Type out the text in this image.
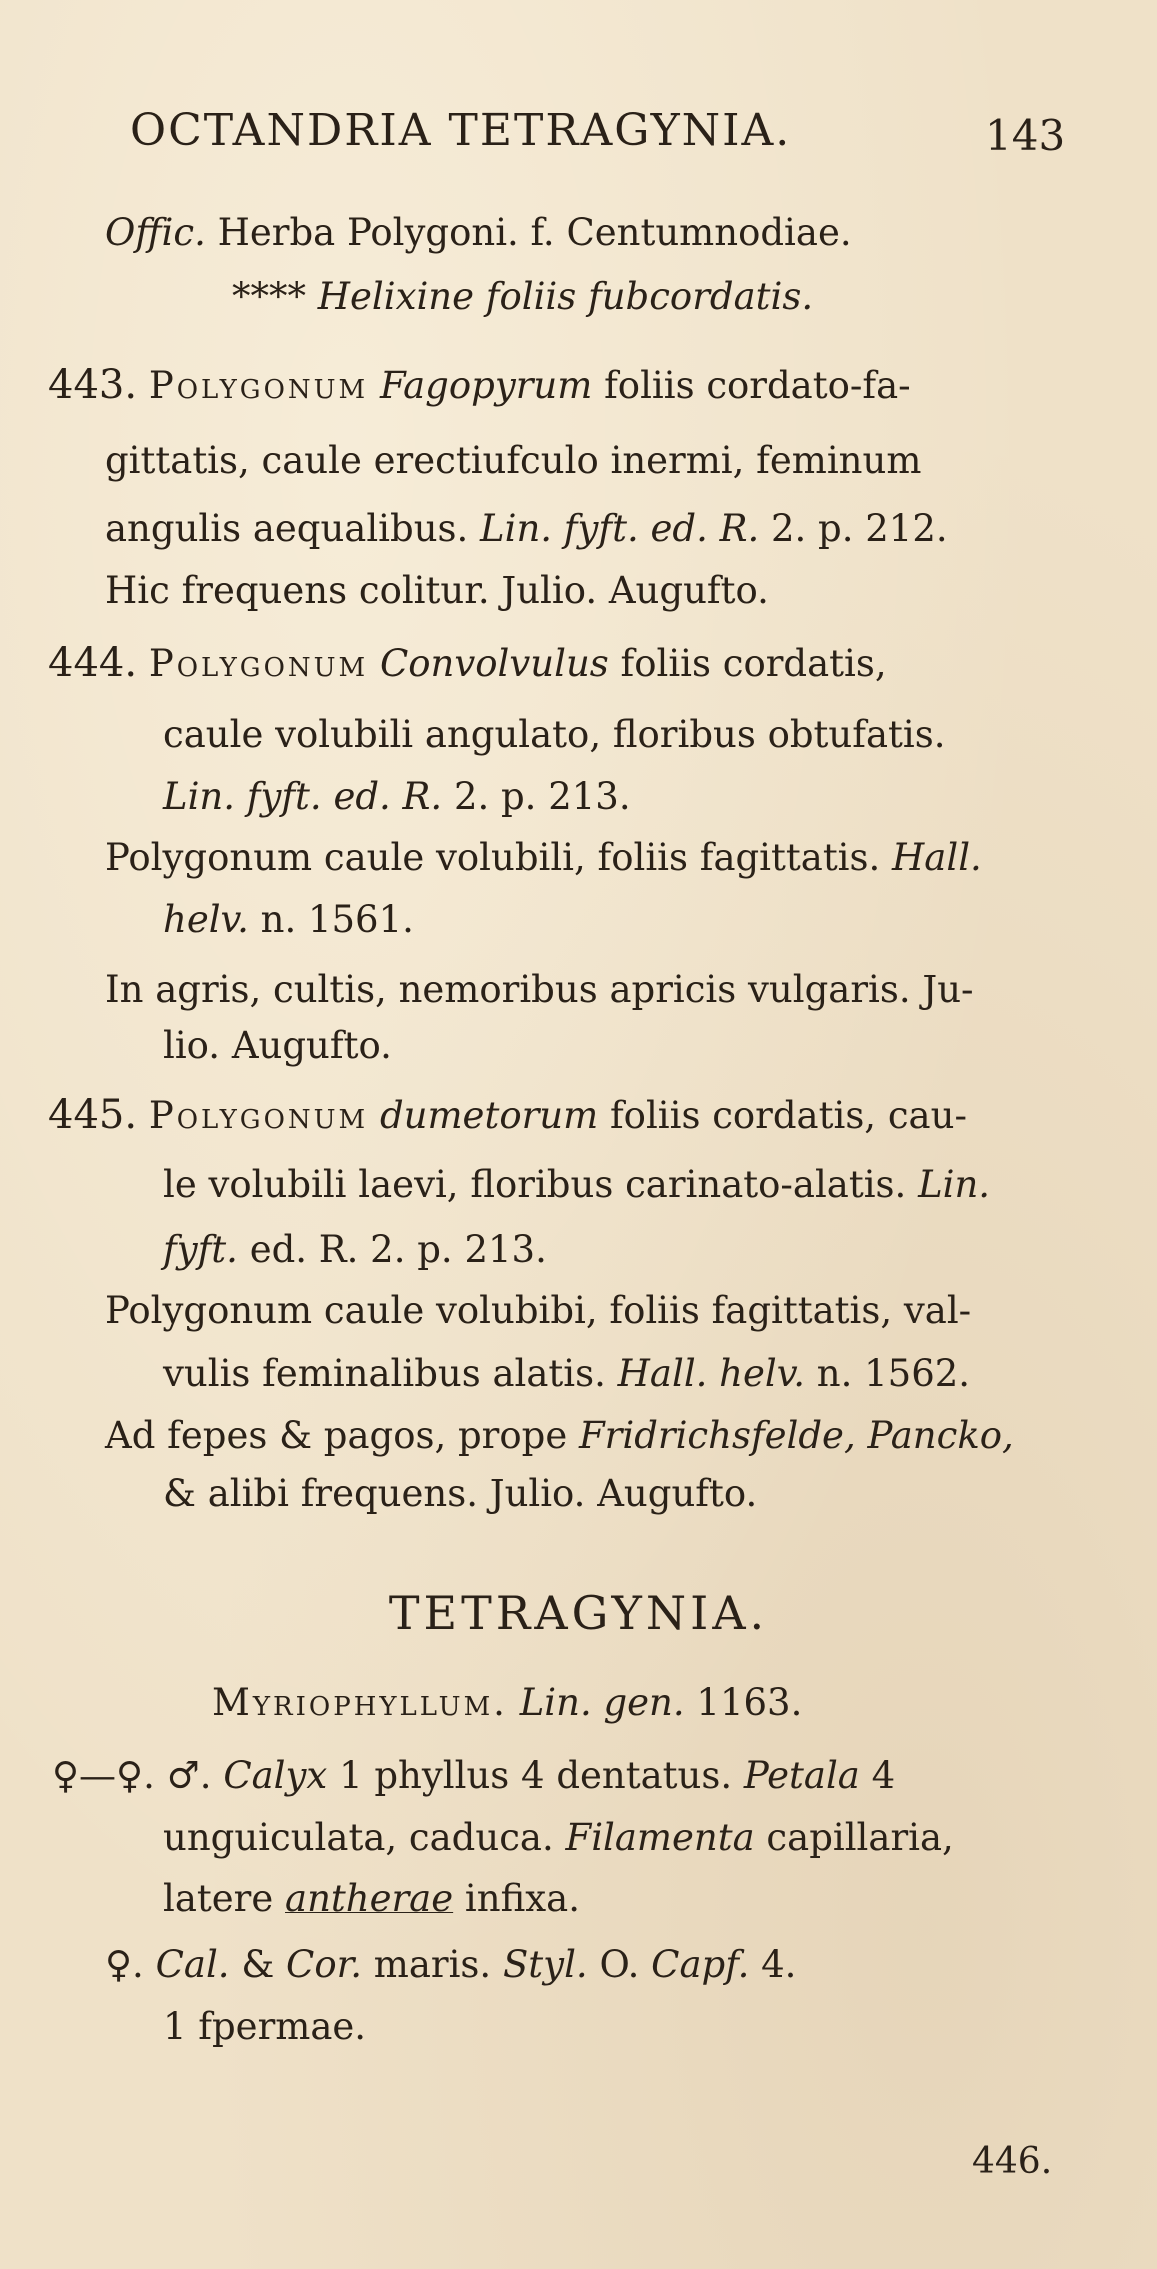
OCTANDRIA TETRAGYNIA.	143
Offic. Herba Polygoni. f. Centumnodiae.
**** Helixine foliis fubcordatis.
443. Polygonum Fagopyrum foliis cordato-fa-
gittatis, caule erectiufculo inermi, feminum
angulis aequalibus. Lin. fyft. ed. R. 2. p. 212.
Hic frequens colitur. Julio. Augufto.
444. Polygonum Convolvulus foliis cordatis,
caule volubili angulato, floribus obtufatis.
Lin. fyft. ed. R. 2. p. 213.
Polygonum caule volubili, foliis fagittatis. Hall.
helv. n. 1561.
In agris, cultis, nemoribus apricis vulgaris. Ju-
lio. Augufto.
445. Polygonum dumetorum foliis cordatis, cau-
le volubili laevi, floribus carinato-alatis. Lin.
fyft. ed. R. 2. p. 213.
Polygonum caule volubibi, foliis fagittatis, val-
vulis feminalibus alatis. Hall. helv. n. 1562.
Ad fepes & pagos, prope Fridrichsfelde, Pancko,
& alibi frequens. Julio. Augufto.
TETRAGYNIA.
Myriophyllum. Lin. gen. 1163.
♀—♀. ♂. Calyx 1 phyllus 4 dentatus. Petala 4
unguiculata, caduca. Filamenta capillaria,
latere antherae infixa.
♀. Cal. & Cor. maris. Styl. O. Capf. 4.
1 fpermae.
446.
